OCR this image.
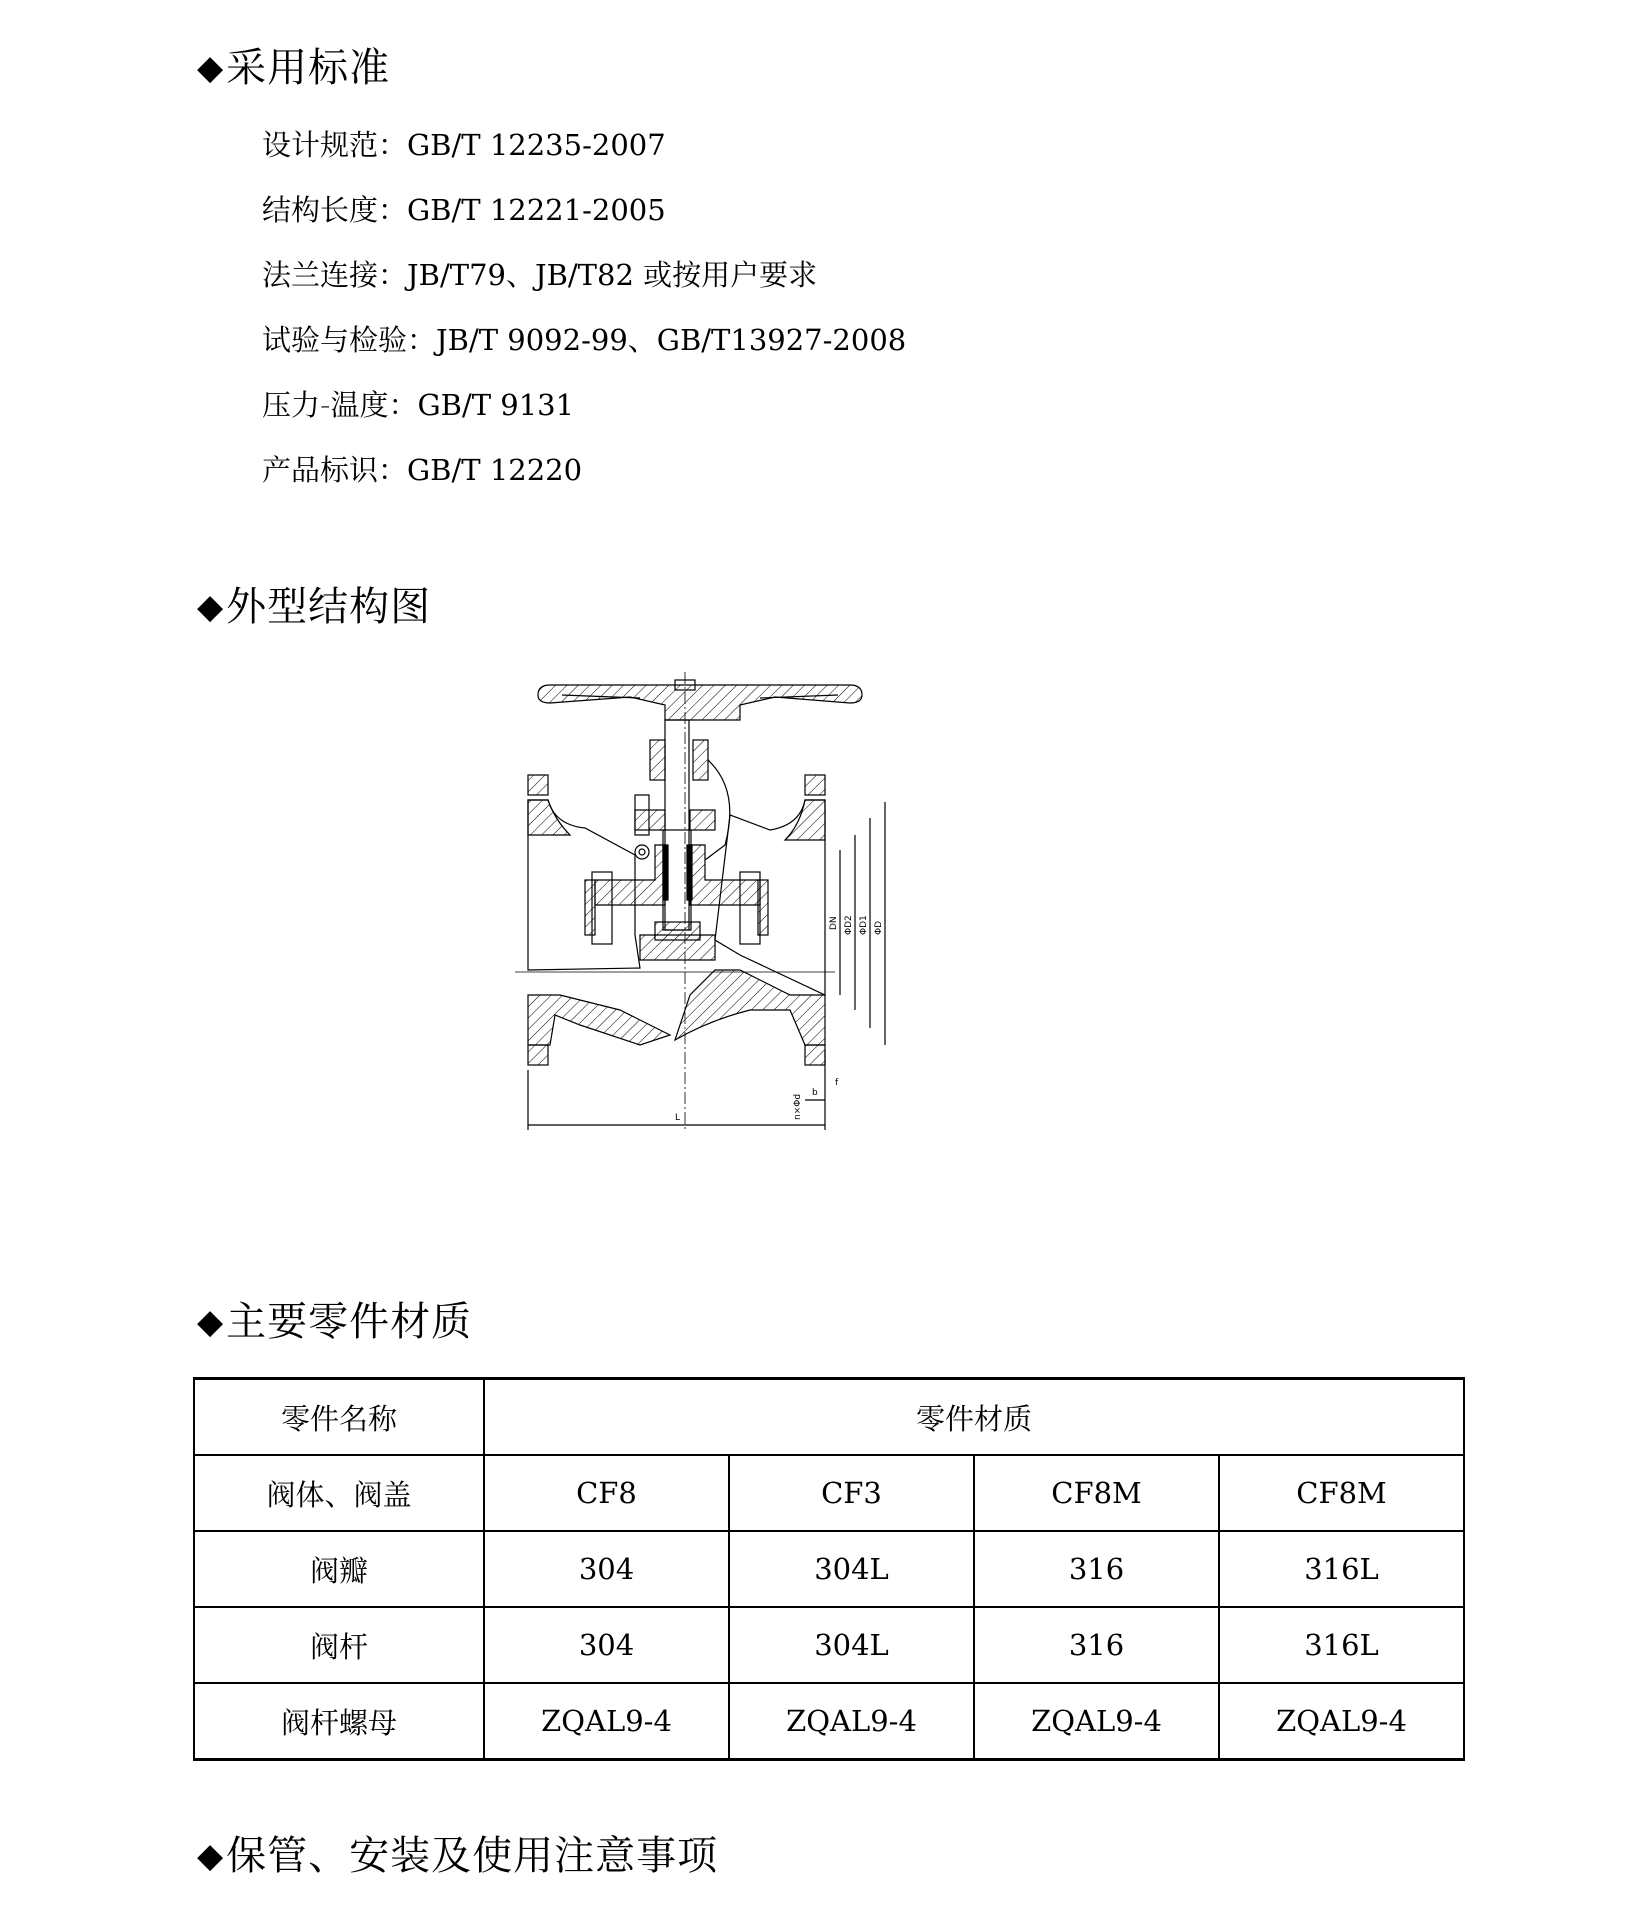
◆采用标准
设计规范：GB/T 12235-2007
结构长度：GB/T 12221-2005
法兰连接：JB/T79、JB/T82 或按用户要求
试验与检验：JB/T 9092-99、GB/T13927-2008
压力-温度：GB/T 9131
产品标识：GB/T 12220
◆外型结构图
DN ΦD2 ΦD1 ΦD
f
b
n×Φd
L
◆主要零件材质
零件名称	零件材质			
阀体、阀盖	CF8	CF3	CF8M	CF8M
阀瓣	304	304L	316	316L
阀杆	304	304L	316	316L
阀杆螺母	ZQAL9-4	ZQAL9-4	ZQAL9-4	ZQAL9-4
◆保管、安装及使用注意事项
